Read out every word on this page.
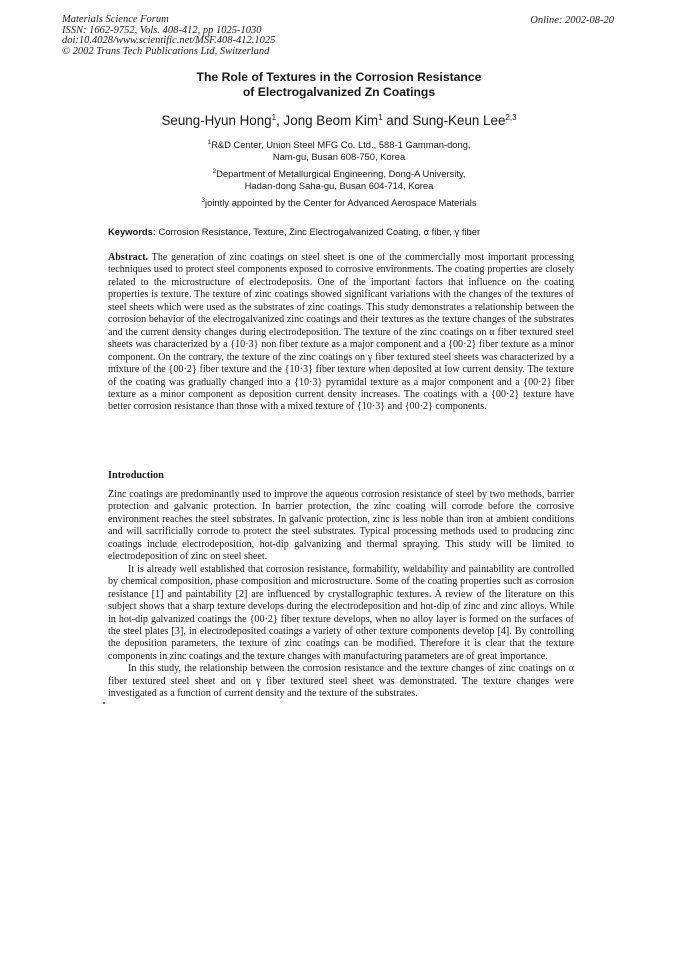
Materials Science Forum
ISSN: 1662-9752, Vols. 408-412, pp 1025-1030
doi:10.4028/www.scientific.net/MSF.408-412.1025
© 2002 Trans Tech Publications Ltd, Switzerland
Online: 2002-08-20
The Role of Textures in the Corrosion Resistance
of Electrogalvanized Zn Coatings
Seung-Hyun Hong$^1$, Jong Beom Kim$^1$ and Sung-Keun Lee$^{2,3}$
$^1$R&D Center, Union Steel MFG Co. Ltd., 588-1 Gamman-dong,
Nam-gu, Busan 608-750, Korea
$^2$Department of Metallurgical Engineering, Dong-A University,
Hadan-dong Saha-gu, Busan 604-714, Korea
$^3$jointly appointed by the Center for Advanced Aerospace Materials
Keywords: Corrosion Resistance, Texture, Zinc Electrogalvanized Coating, α fiber, γ fiber
Abstract. The generation of zinc coatings on steel sheet is one of the commercially most important processing techniques used to protect steel components exposed to corrosive environments. The coating properties are closely related to the microstructure of electrodeposits. One of the important factors that influence on the coating properties is texture. The texture of zinc coatings showed significant variations with the changes of the textures of steel sheets which were used as the substrates of zinc coatings. This study demonstrates a relationship between the corrosion behavior of the electrogalvanized zinc coatings and their textures as the texture changes of the substrates and the current density changes during electrodeposition. The texture of the zinc coatings on α fiber textured steel sheets was characterized by a {10·3} non fiber texture as a major component and a {00·2} fiber texture as a minor component. On the contrary, the texture of the zinc coatings on γ fiber textured steel sheets was characterized by a mixture of the {00·2} fiber texture and the {10·3} fiber texture when deposited at low current density. The texture of the coating was gradually changed into a {10·3} pyramidal texture as a major component and a {00·2} fiber texture as a minor component as deposition current density increases. The coatings with a {00·2} texture have better corrosion resistance than those with a mixed texture of {10·3} and {00·2} components.
Introduction

Zinc coatings are predominantly used to improve the aqueous corrosion resistance of steel by two methods, barrier protection and galvanic protection. In barrier protection, the zinc coating will corrode before the corrosive environment reaches the steel substrates. In galvanic protection, zinc is less noble than iron at ambient conditions and will sacrificially corrode to protect the steel substrates. Typical processing methods used to producing zinc coatings include electrodeposition, hot-dip galvanizing and thermal spraying. This study will be limited to electrodeposition of zinc on steel sheet.

It is already well established that corrosion resistance, formability, weldability and paintability are controlled by chemical composition, phase composition and microstructure. Some of the coating properties such as corrosion resistance [1] and paintability [2] are influenced by crystallographic textures. A review of the literature on this subject shows that a sharp texture develops during the electrodeposition and hot-dip of zinc and zinc alloys. While in hot-dip galvanized coatings the {00·2} fiber texture develops, when no alloy layer is formed on the surfaces of the steel plates [3], in electrodeposited coatings a variety of other texture components develop [4]. By controlling the deposition parameters, the texture of zinc coatings can be modified. Therefore it is clear that the texture components in zinc coatings and the texture changes with manufacturing parameters are of great importance.

In this study, the relationship between the corrosion resistance and the texture changes of zinc coatings on α fiber textured steel sheet and on γ fiber textured steel sheet was demonstrated. The texture changes were investigated as a function of current density and the texture of the substrates.
